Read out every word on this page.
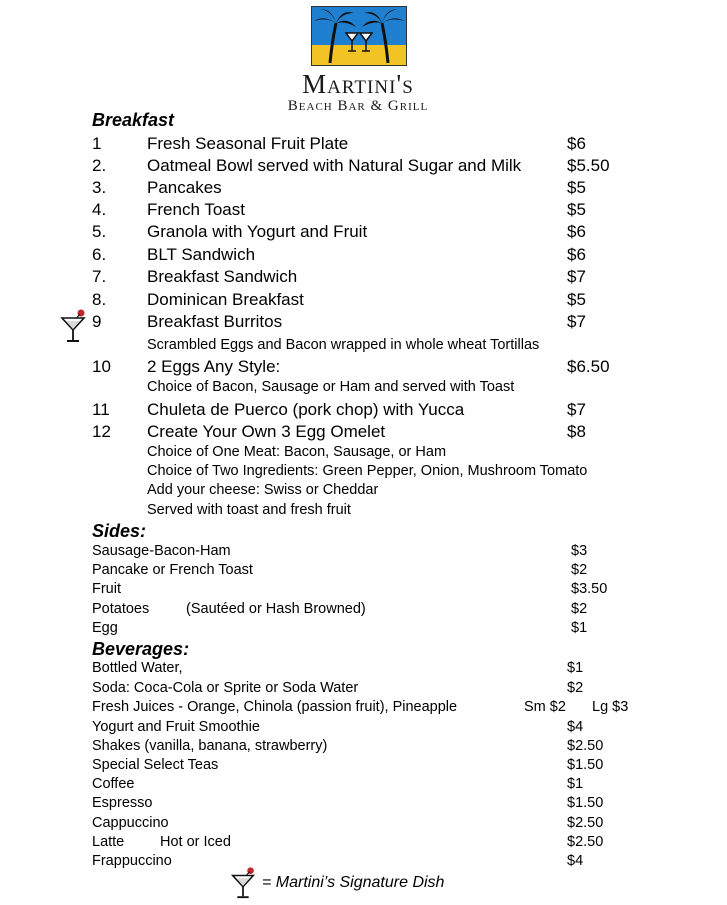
Martini's
Beach Bar & Grill
Breakfast
1	Fresh Seasonal Fruit Plate	$6
2. Oatmeal Bowl served with Natural Sugar and Milk	$5.50
3. Pancakes	$5
4. French Toast	$5
5. Granola with Yogurt and Fruit	$6
6. BLT Sandwich	$6
7. Breakfast Sandwich	$7
8. Dominican Breakfast	$5
9	Breakfast Burritos	$7
Scrambled Eggs and Bacon wrapped in whole wheat Tortillas
10 2 Eggs Any Style:	$6.50
Choice of Bacon, Sausage or Ham and served with Toast
11 Chuleta de Puerco (pork chop) with Yucca	$7
12 Create Your Own 3 Egg Omelet	$8
Choice of One Meat: Bacon, Sausage, or Ham
Choice of Two Ingredients: Green Pepper, Onion, Mushroom Tomato
Add your cheese: Swiss or Cheddar
Served with toast and fresh fruit
Sides:
Sausage-Bacon-Ham	$3
Pancake or French Toast	$2
Fruit	$3.50
Potatoes	(Sautéed or Hash Browned)	$2
Egg	$1
Beverages:
Bottled Water,	$1
Soda: Coca-Cola or Sprite or Soda Water	$2
Fresh Juices - Orange, Chinola (passion fruit), Pineapple	Sm $2 Lg $3
Yogurt and Fruit Smoothie	$4
Shakes (vanilla, banana, strawberry)	$2.50
Special Select Teas	$1.50
Coffee	$1
Espresso	$1.50
Cappuccino	$2.50
Latte Hot or Iced	$2.50
Frappuccino	$4
= Martini’s Signature Dish
